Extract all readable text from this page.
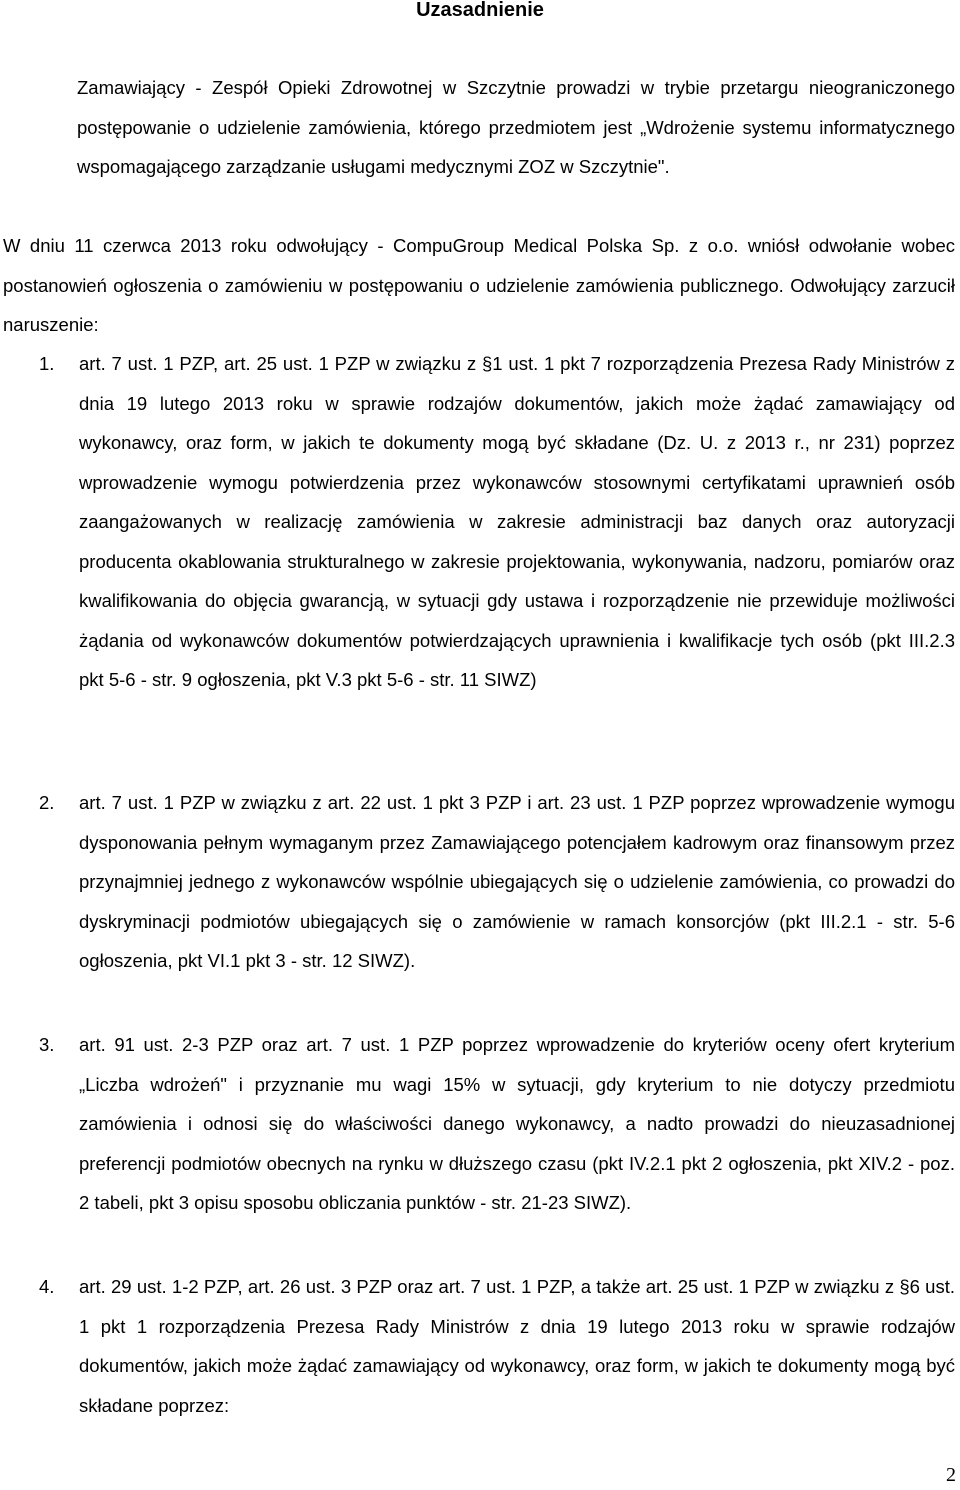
Uzasadnienie
Zamawiający - Zespół Opieki Zdrowotnej w Szczytnie prowadzi w trybie przetargu nieograniczonego postępowanie o udzielenie zamówienia, którego przedmiotem jest „Wdrożenie systemu informatycznego wspomagającego zarządzanie usługami medycznymi ZOZ w Szczytnie".
W dniu 11 czerwca 2013 roku odwołujący - CompuGroup Medical Polska Sp. z o.o. wniósł odwołanie wobec postanowień ogłoszenia o zamówieniu w postępowaniu o udzielenie zamówienia publicznego. Odwołujący zarzucił naruszenie:
1. art. 7 ust. 1 PZP, art. 25 ust. 1 PZP w związku z §1 ust. 1 pkt 7 rozporządzenia Prezesa Rady Ministrów z dnia 19 lutego 2013 roku w sprawie rodzajów dokumentów, jakich może żądać zamawiający od wykonawcy, oraz form, w jakich te dokumenty mogą być składane (Dz. U. z 2013 r., nr 231) poprzez wprowadzenie wymogu potwierdzenia przez wykonawców stosownymi certyfikatami uprawnień osób zaangażowanych w realizację zamówienia w zakresie administracji baz danych oraz autoryzacji producenta okablowania strukturalnego w zakresie projektowania, wykonywania, nadzoru, pomiarów oraz kwalifikowania do objęcia gwarancją, w sytuacji gdy ustawa i rozporządzenie nie przewiduje możliwości żądania od wykonawców dokumentów potwierdzających uprawnienia i kwalifikacje tych osób (pkt III.2.3 pkt 5-6 - str. 9 ogłoszenia, pkt V.3 pkt 5-6 - str. 11 SIWZ)
2. art. 7 ust. 1 PZP w związku z art. 22 ust. 1 pkt 3 PZP i art. 23 ust. 1 PZP poprzez wprowadzenie wymogu dysponowania pełnym wymaganym przez Zamawiającego potencjałem kadrowym oraz finansowym przez przynajmniej jednego z wykonawców wspólnie ubiegających się o udzielenie zamówienia, co prowadzi do dyskryminacji podmiotów ubiegających się o zamówienie w ramach konsorcjów (pkt III.2.1 - str. 5-6 ogłoszenia, pkt VI.1 pkt 3 - str. 12 SIWZ).
3. art. 91 ust. 2-3 PZP oraz art. 7 ust. 1 PZP poprzez wprowadzenie do kryteriów oceny ofert kryterium „Liczba wdrożeń" i przyznanie mu wagi 15% w sytuacji, gdy kryterium to nie dotyczy przedmiotu zamówienia i odnosi się do właściwości danego wykonawcy, a nadto prowadzi do nieuzasadnionej preferencji podmiotów obecnych na rynku w dłuższego czasu (pkt IV.2.1 pkt 2 ogłoszenia, pkt XIV.2 - poz. 2 tabeli, pkt 3 opisu sposobu obliczania punktów - str. 21-23 SIWZ).
4. art. 29 ust. 1-2 PZP, art. 26 ust. 3 PZP oraz art. 7 ust. 1 PZP, a także art. 25 ust. 1 PZP w związku z §6 ust. 1 pkt 1 rozporządzenia Prezesa Rady Ministrów z dnia 19 lutego 2013 roku w sprawie rodzajów dokumentów, jakich może żądać zamawiający od wykonawcy, oraz form, w jakich te dokumenty mogą być składane poprzez:
2
